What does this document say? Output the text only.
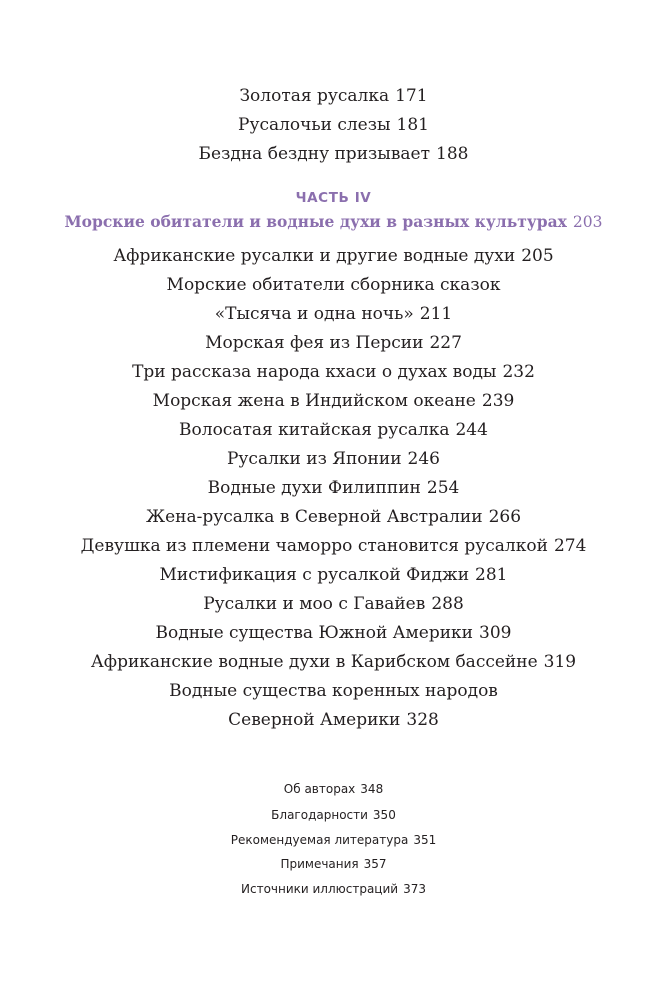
Золотая русалка 171
Русалочьи слезы 181
Бездна бездну призывает 188
ЧАСТЬ IV
Морские обитатели и водные духи в разных культурах 203
Африканские русалки и другие водные духи 205
Морские обитатели сборника сказок
«Тысяча и одна ночь» 211
Морская фея из Персии 227
Три рассказа народа кхаси о духах воды 232
Морская жена в Индийском океане 239
Волосатая китайская русалка 244
Русалки из Японии 246
Водные духи Филиппин 254
Жена-русалка в Северной Австралии 266
Девушка из племени чаморро становится русалкой 274
Мистификация с русалкой Фиджи 281
Русалки и моо с Гавайев 288
Водные существа Южной Америки 309
Африканские водные духи в Карибском бассейне 319
Водные существа коренных народов
Северной Америки 328
Об авторах 348
Благодарности 350
Рекомендуемая литература 351
Примечания 357
Источники иллюстраций 373
